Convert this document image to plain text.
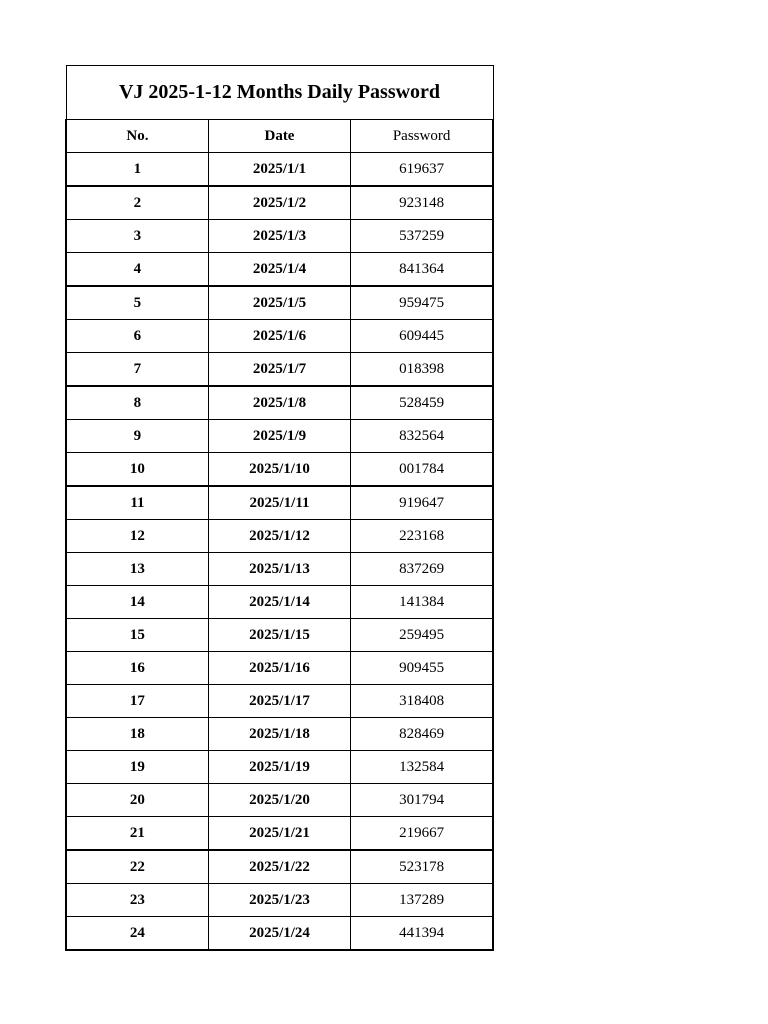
VJ 2025-1-12 Months Daily Password		
No.	Date	Password
1	2025/1/1	619637
2	2025/1/2	923148
3	2025/1/3	537259
4	2025/1/4	841364
5	2025/1/5	959475
6	2025/1/6	609445
7	2025/1/7	018398
8	2025/1/8	528459
9	2025/1/9	832564
10	2025/1/10	001784
11	2025/1/11	919647
12	2025/1/12	223168
13	2025/1/13	837269
14	2025/1/14	141384
15	2025/1/15	259495
16	2025/1/16	909455
17	2025/1/17	318408
18	2025/1/18	828469
19	2025/1/19	132584
20	2025/1/20	301794
21	2025/1/21	219667
22	2025/1/22	523178
23	2025/1/23	137289
24	2025/1/24	441394
